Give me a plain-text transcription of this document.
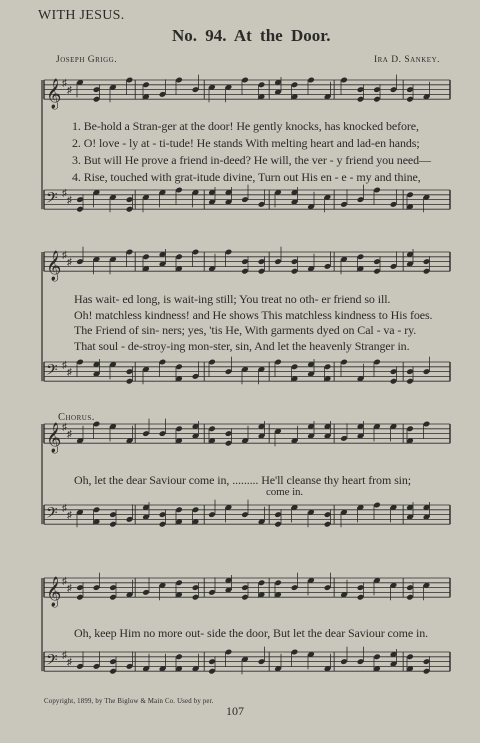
WITH JESUS.
No. 94. At the Door.
Joseph Grigg.	Ira D. Sankey.
𝄞 ♯
♯
𝄢 ♯
♯
𝄞 ♯
♯
𝄢 ♯
♯
𝄞 ♯
♯
𝄢 ♯
♯
𝄞 ♯
♯
𝄢 ♯
♯
1. Be-hold a Stran-ger at the door! He gently knocks, has knocked before,
2. O! love - ly at - ti-tude! He stands With melting heart and lad-en hands;
3. But will He prove a friend in-deed? He will, the ver - y friend you need—
4. Rise, touched with grat-itude divine, Turn out His en - e - my and thine,
Has wait- ed long, is wait-ing still; You treat no oth- er friend so ill.
Oh! matchless kindness! and He shows This matchless kindness to His foes.
The Friend of sin- ners; yes, 'tis He, With garments dyed on Cal - va - ry.
That soul - de-stroy-ing mon-ster, sin, And let the heavenly Stranger in.
Chorus.
Oh, let the dear Saviour come in, ......... He'll cleanse thy heart from sin;
come in.
Oh, keep Him no more out- side the door, But let the dear Saviour come in.
Copyright, 1899, by The Biglow & Main Co. Used by per.
107
